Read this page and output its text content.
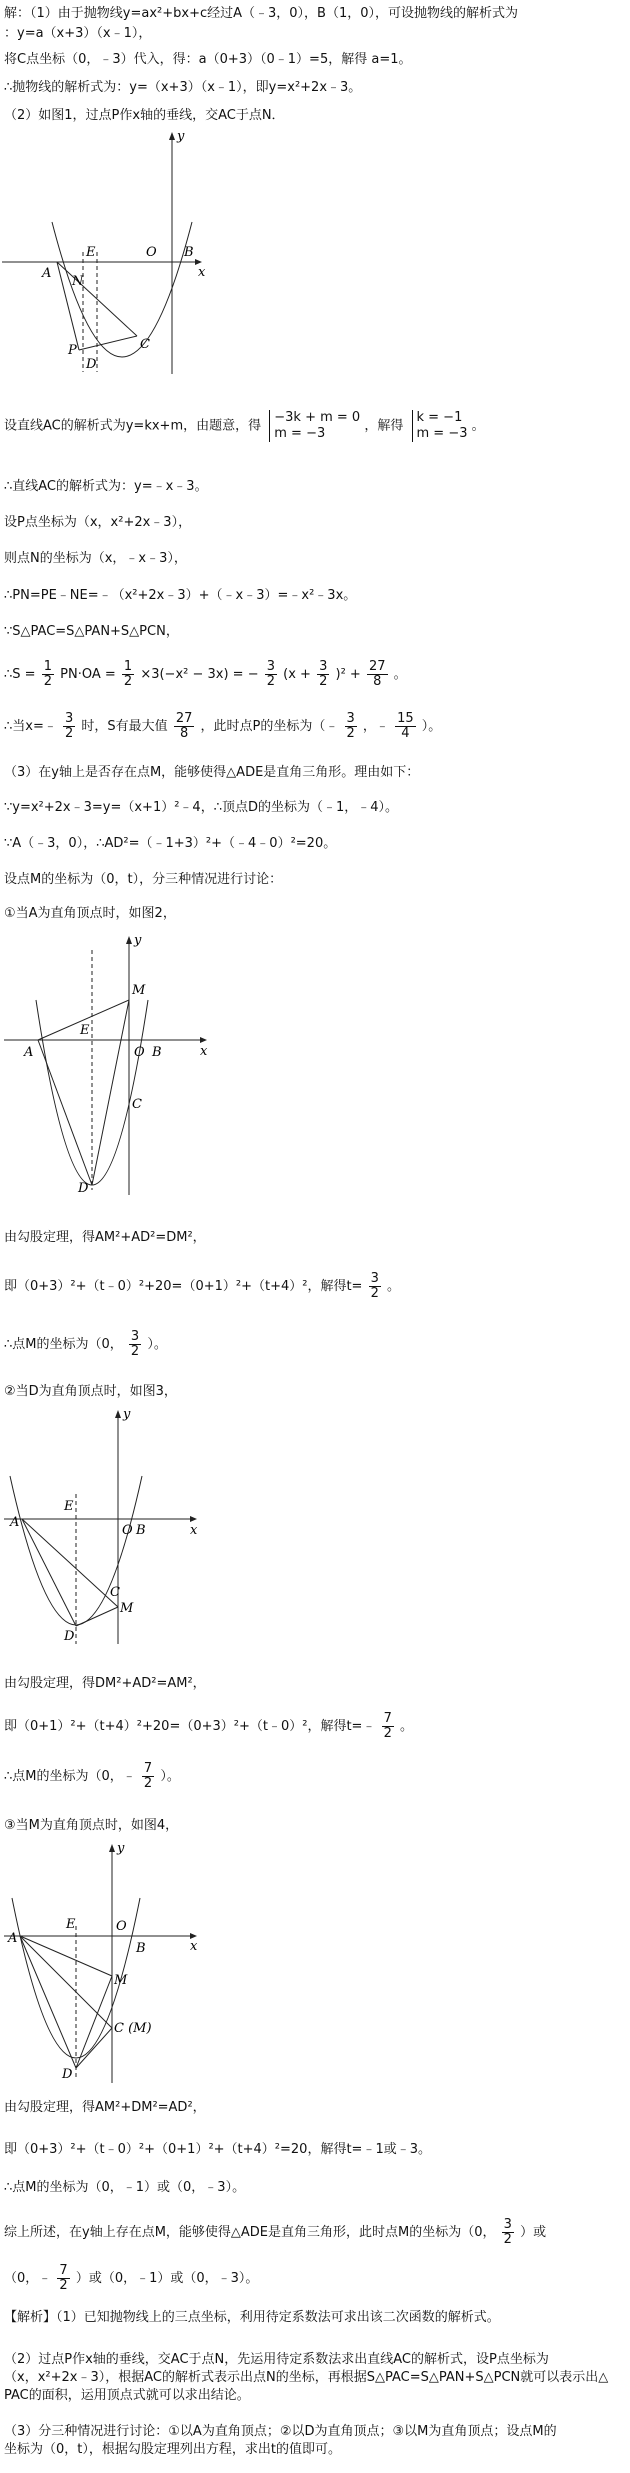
解：（1）由于抛物线y=ax²+bx+c经过A（﹣3，0），B（1，0），可设抛物线的解析式为
：y=a（x+3）（x﹣1），
将C点坐标（0，﹣3）代入，得：a（0+3）（0﹣1）=5，解得 a=1。
∴抛物线的解析式为：y=（x+3）（x﹣1），即y=x²+2x﹣3。
（2）如图1，过点P作x轴的垂线，交AC于点N．
A
E	O B
x
y
N
C
P
D
设直线AC的解析式为y=kx+m，由题意，得
−3k + m = 0
m = −3	，解得
k = −1
m = −3 。
∴直线AC的解析式为：y=﹣x﹣3。
设P点坐标为（x，x²+2x﹣3），
则点N的坐标为（x，﹣x﹣3），
∴PN=PE﹣NE=﹣（x²+2x﹣3）+（﹣x﹣3）=﹣x²﹣3x。
∵S△PAC=S△PAN+S△PCN，
∴S = $\frac{1}{2} PN\cdot OA = \frac{1}{2} \times 3(-x^2 - 3x)$ = − $\frac{3}{2} (x + \frac{3}{2} )^2 + \frac{27}{8}$ 。
∴当x=﹣ $\frac{3}{2}$ 时，S有最大值 $\frac{27}{8}$ ，此时点P的坐标为（﹣ $\frac{3}{2}$ ，﹣ $\frac{15}{4}$ ）。
（3）在y轴上是否存在点M，能够使得△ADE是直角三角形。理由如下：
∵y=x²+2x﹣3=y=（x+1）²﹣4，∴顶点D的坐标为（﹣1，﹣4）。
∵A（﹣3，0），∴AD²=（﹣1+3）²+（﹣4﹣0）²=20。
设点M的坐标为（0，t），分三种情况进行讨论：
①当A为直角顶点时，如图2，
y
M
A
E
O B	x
C
D
由勾股定理，得AM²+AD²=DM²，
即（0+3）²+（t﹣0）²+20=（0+1）²+（t+4）²，解得$t= \frac{3}{2}$ 。
∴点M的坐标为（0， $\frac{3}{2}$ ）。
②当D为直角顶点时，如图3，
y
A
E
O B	x
C
M
D
由勾股定理，得DM²+AD²=AM²，
即（0+1）²+（t+4）²+20=（0+3）²+（t﹣0）²，解得t=﹣ $\frac{7}{2}$ 。
∴点M的坐标为（0，﹣ $\frac{7}{2}$ ）。
③当M为直角顶点时，如图4，
y
A
E	O
B	x
M
C (M)
D
由勾股定理，得AM²+DM²=AD²，
即（0+3）²+（t﹣0）²+（0+1）²+（t+4）²=20，解得t=﹣1或﹣3。
∴点M的坐标为（0，﹣1）或（0，﹣3）。
综上所述，在y轴上存在点M，能够使得△ADE是直角三角形，此时点M的坐标为（0， $\frac{3}{2}$ ）或
（0，﹣ $\frac{7}{2}$ ）或（0，﹣1）或（0，﹣3）。
【解析】（1）已知抛物线上的三点坐标，利用待定系数法可求出该二次函数的解析式。
（2）过点P作x轴的垂线，交AC于点N，先运用待定系数法求出直线AC的解析式，设P点坐标为
（x，x²+2x﹣3），根据AC的解析式表示出点N的坐标，再根据S△PAC=S△PAN+S△PCN就可以表示出△
PAC的面积，运用顶点式就可以求出结论。
（3）分三种情况进行讨论：①以A为直角顶点；②以D为直角顶点；③以M为直角顶点；设点M的
坐标为（0，t），根据勾股定理列出方程，求出t的值即可。
